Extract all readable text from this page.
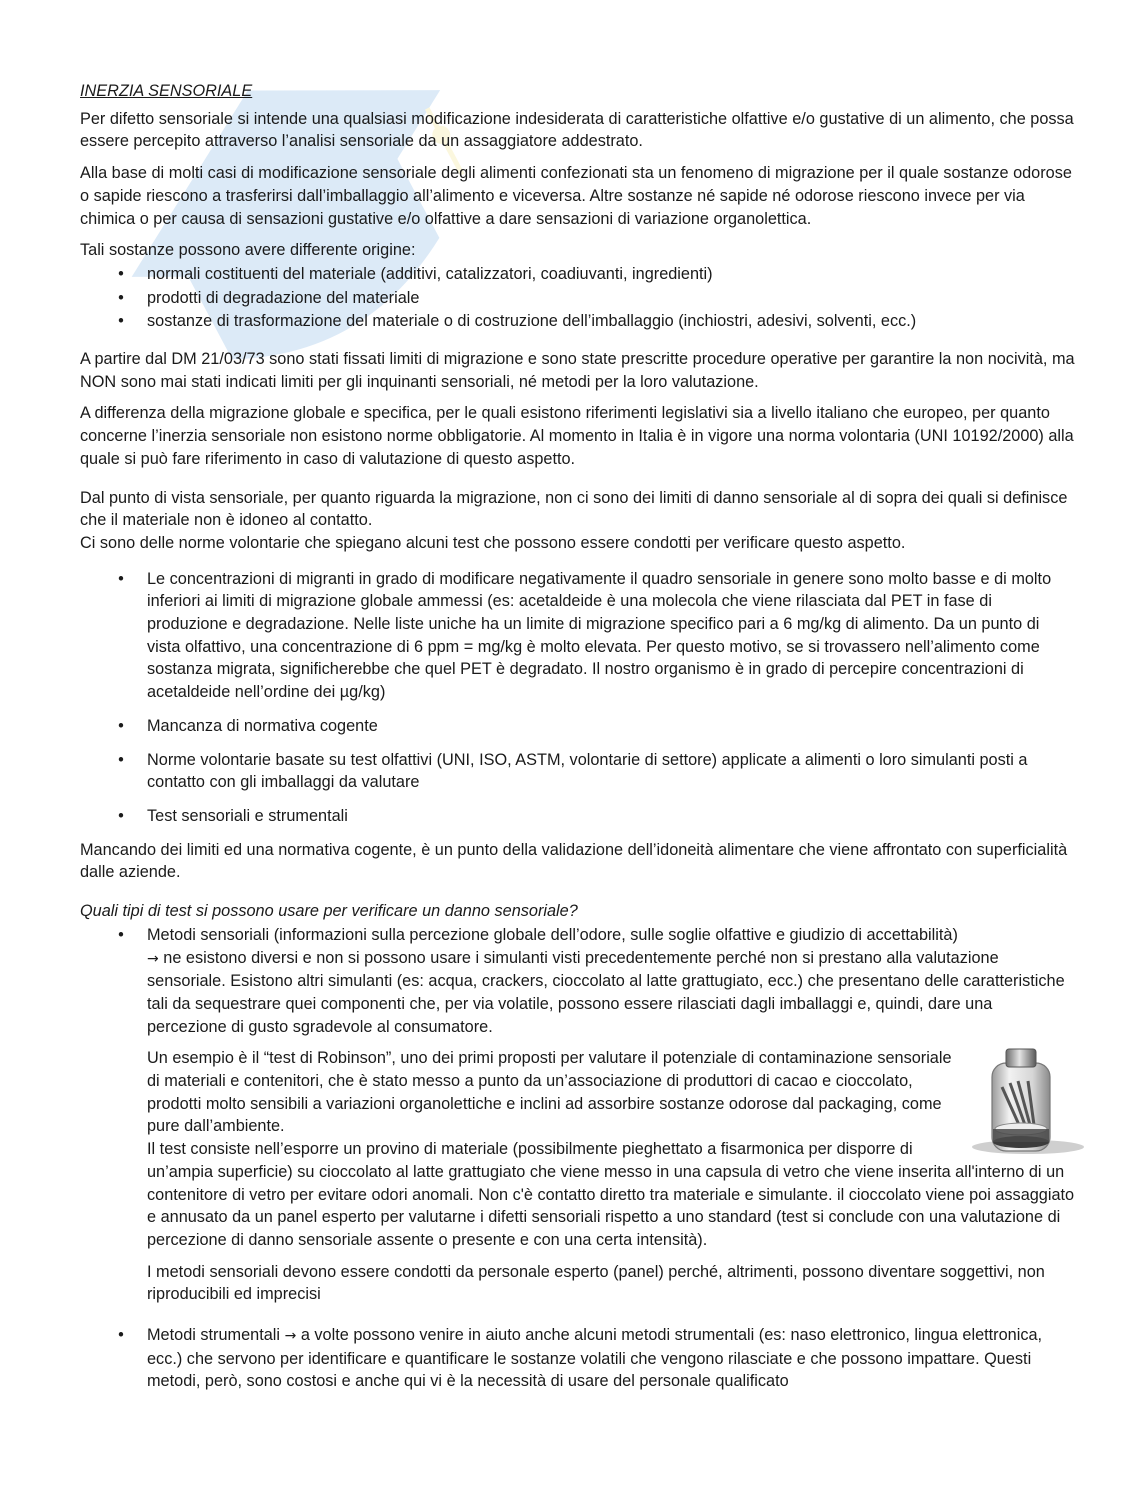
INERZIA SENSORIALE

Per difetto sensoriale si intende una qualsiasi modificazione indesiderata di caratteristiche olfattive e/o gustative di un alimento, che possa essere percepito attraverso l’analisi sensoriale da un assaggiatore addestrato.

Alla base di molti casi di modificazione sensoriale degli alimenti confezionati sta un fenomeno di migrazione per il quale sostanze odorose o sapide riescono a trasferirsi dall’imballaggio all’alimento e viceversa. Altre sostanze né sapide né odorose riescono invece per via chimica o per causa di sensazioni gustative e/o olfattive a dare sensazioni di variazione organolettica.

Tali sostanze possono avere differente origine:

• normali costituenti del materiale (additivi, catalizzatori, coadiuvanti, ingredienti)
• prodotti di degradazione del materiale
• sostanze di trasformazione del materiale o di costruzione dell’imballaggio (inchiostri, adesivi, solventi, ecc.)

A partire dal DM 21/03/73 sono stati fissati limiti di migrazione e sono state prescritte procedure operative per garantire la non nocività, ma NON sono mai stati indicati limiti per gli inquinanti sensoriali, né metodi per la loro valutazione.

A differenza della migrazione globale e specifica, per le quali esistono riferimenti legislativi sia a livello italiano che europeo, per quanto concerne l’inerzia sensoriale non esistono norme obbligatorie. Al momento in Italia è in vigore una norma volontaria (UNI 10192/2000) alla quale si può fare riferimento in caso di valutazione di questo aspetto.

Dal punto di vista sensoriale, per quanto riguarda la migrazione, non ci sono dei limiti di danno sensoriale al di sopra dei quali si definisce che il materiale non è idoneo al contatto.
Ci sono delle norme volontarie che spiegano alcuni test che possono essere condotti per verificare questo aspetto.

• Le concentrazioni di migranti in grado di modificare negativamente il quadro sensoriale in genere sono molto basse e di molto inferiori ai limiti di migrazione globale ammessi (es: acetaldeide è una molecola che viene rilasciata dal PET in fase di produzione e degradazione. Nelle liste uniche ha un limite di migrazione specifico pari a 6 mg/kg di alimento. Da un punto di vista olfattivo, una concentrazione di 6 ppm = mg/kg è molto elevata. Per questo motivo, se si trovassero nell’alimento come sostanza migrata, significherebbe che quel PET è degradato. Il nostro organismo è in grado di percepire concentrazioni di acetaldeide nell’ordine dei µg/kg)
• Mancanza di normativa cogente
• Norme volontarie basate su test olfattivi (UNI, ISO, ASTM, volontarie di settore) applicate a alimenti o loro simulanti posti a contatto con gli imballaggi da valutare
• Test sensoriali e strumentali

Mancando dei limiti ed una normativa cogente, è un punto della validazione dell’idoneità alimentare che viene affrontato con superficialità dalle aziende.

Quali tipi di test si possono usare per verificare un danno sensoriale?

• Metodi sensoriali (informazioni sulla percezione globale dell’odore, sulle soglie olfattive e giudizio di accettabilità)
→ ne esistono diversi e non si possono usare i simulanti visti precedentemente perché non si prestano alla valutazione sensoriale. Esistono altri simulanti (es: acqua, crackers, cioccolato al latte grattugiato, ecc.) che presentano delle caratteristiche tali da sequestrare quei componenti che, per via volatile, possono essere rilasciati dagli imballaggi e, quindi, dare una percezione di gusto sgradevole al consumatore.

Un esempio è il “test di Robinson”, uno dei primi proposti per valutare il potenziale di contaminazione sensoriale di materiali e contenitori, che è stato messo a punto da un’associazione di produttori di cacao e cioccolato, prodotti molto sensibili a variazioni organolettiche e inclini ad assorbire sostanze odorose dal packaging, come pure dall’ambiente.

Il test consiste nell’esporre un provino di materiale (possibilmente pieghettato a fisarmonica per disporre di un’ampia superficie) su cioccolato al latte grattugiato che viene messo in una capsula di vetro che viene inserita all'interno di un contenitore di vetro per evitare odori anomali. Non c'è contatto diretto tra materiale e simulante. il cioccolato viene poi assaggiato e annusato da un panel esperto per valutarne i difetti sensoriali rispetto a uno standard (test si conclude con una valutazione di percezione di danno sensoriale assente o presente e con una certa intensità).

I metodi sensoriali devono essere condotti da personale esperto (panel) perché, altrimenti, possono diventare soggettivi, non riproducibili ed imprecisi

• Metodi strumentali → a volte possono venire in aiuto anche alcuni metodi strumentali (es: naso elettronico, lingua elettronica, ecc.) che servono per identificare e quantificare le sostanze volatili che vengono rilasciate e che possono impattare. Questi metodi, però, sono costosi e anche qui vi è la necessità di usare del personale qualificato
